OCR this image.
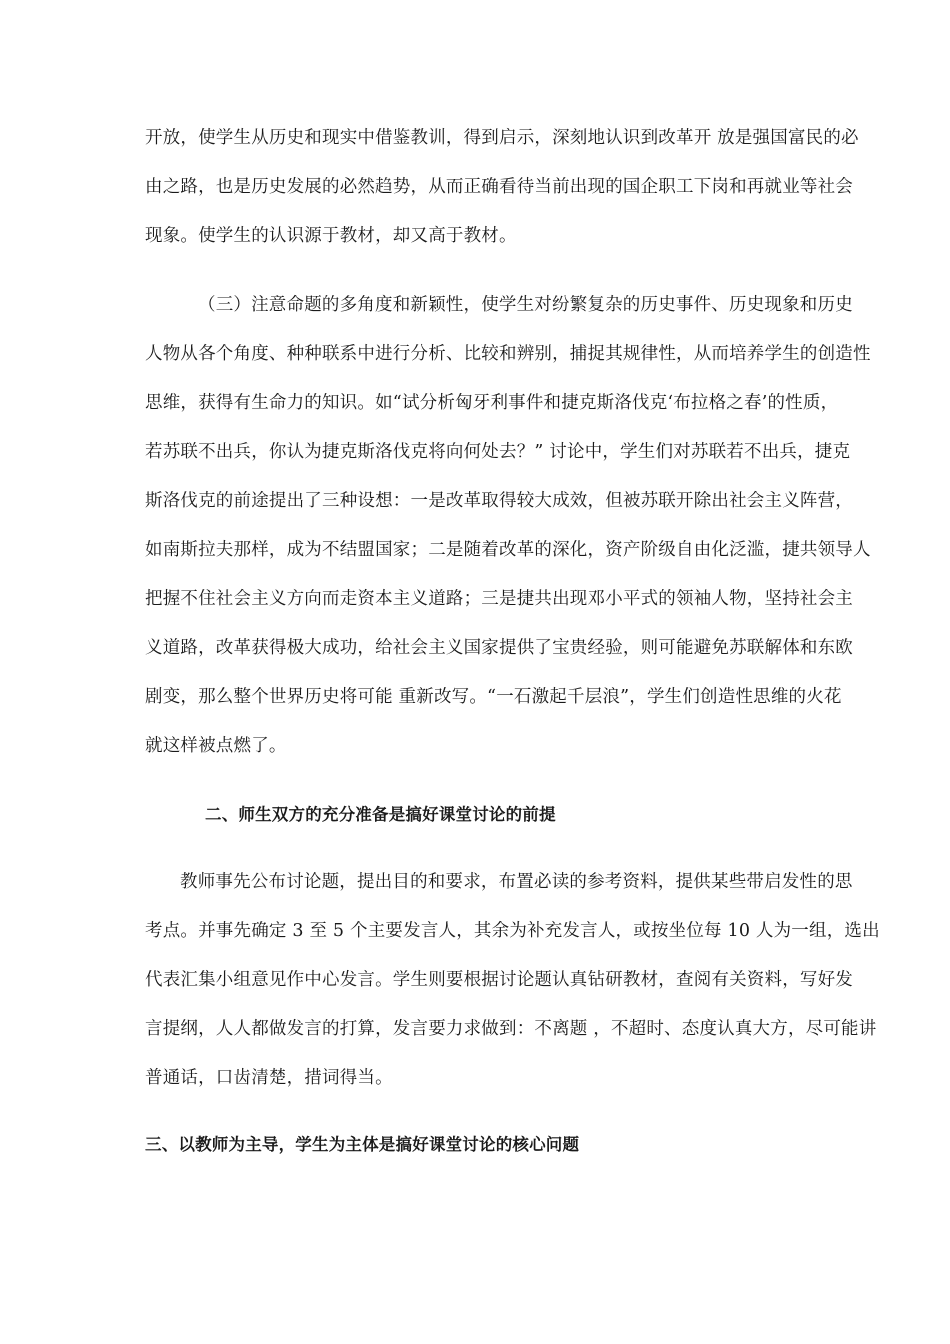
开放，使学生从历史和现实中借鉴教训，得到启示，深刻地认识到改革开 放是强国富民的必
由之路，也是历史发展的必然趋势，从而正确看待当前出现的国企职工下岗和再就业等社会
现象。使学生的认识源于教材，却又高于教材。
（三）注意命题的多角度和新颖性，使学生对纷繁复杂的历史事件、历史现象和历史
人物从各个角度、种种联系中进行分析、比较和辨别，捕捉其规律性，从而培养学生的创造性
思维，获得有生命力的知识。如“试分析匈牙利事件和捷克斯洛伐克‘布拉格之春’的性质，
若苏联不出兵，你认为捷克斯洛伐克将向何处去？” 讨论中，学生们对苏联若不出兵，捷克
斯洛伐克的前途提出了三种设想：一是改革取得较大成效，但被苏联开除出社会主义阵营，
如南斯拉夫那样，成为不结盟国家；二是随着改革的深化，资产阶级自由化泛滥，捷共领导人
把握不住社会主义方向而走资本主义道路；三是捷共出现邓小平式的领袖人物，坚持社会主
义道路，改革获得极大成功，给社会主义国家提供了宝贵经验，则可能避免苏联解体和东欧
剧变，那么整个世界历史将可能 重新改写。“一石激起千层浪”，学生们创造性思维的火花
就这样被点燃了。
二、师生双方的充分准备是搞好课堂讨论的前提
教师事先公布讨论题，提出目的和要求，布置必读的参考资料，提供某些带启发性的思
考点。并事先确定 3 至 5 个主要发言人，其余为补充发言人，或按坐位每 10 人为一组，选出
代表汇集小组意见作中心发言。学生则要根据讨论题认真钻研教材，查阅有关资料，写好发
言提纲，人人都做发言的打算，发言要力求做到：不离题 ，不超时、态度认真大方，尽可能讲
普通话，口齿清楚，措词得当。
三、以教师为主导，学生为主体是搞好课堂讨论的核心问题
